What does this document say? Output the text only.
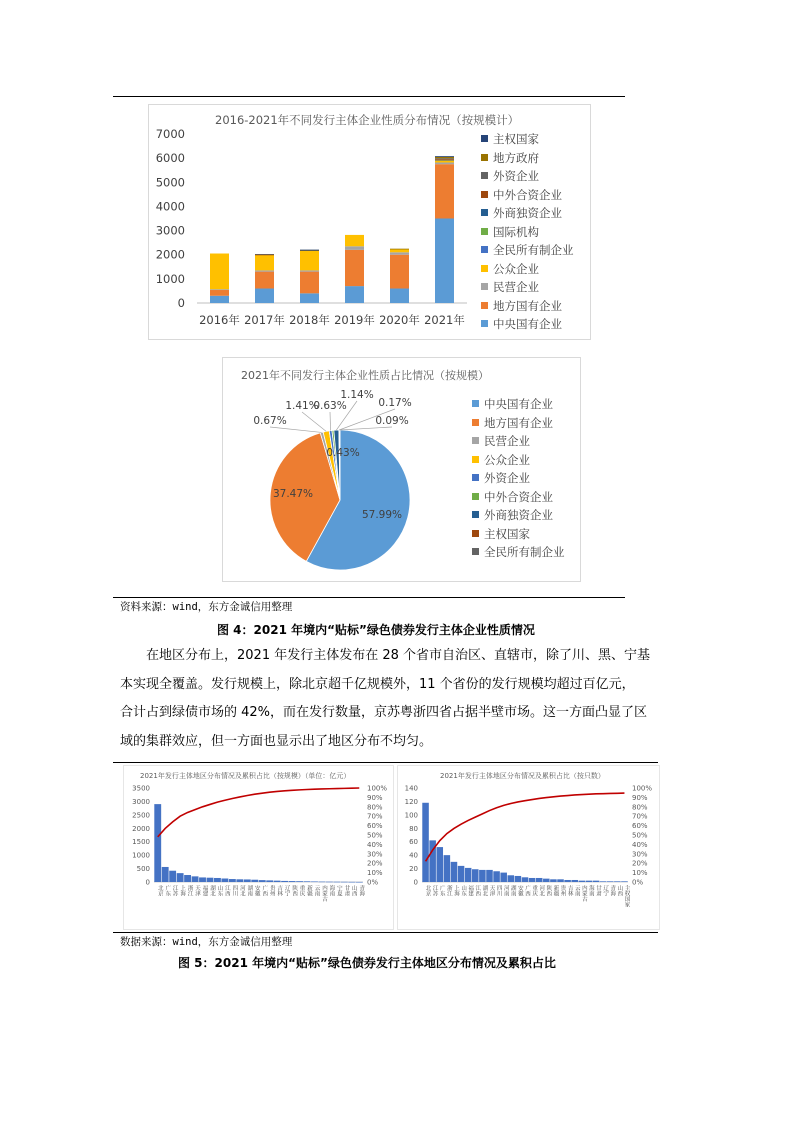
2016-2021年不同发行主体企业性质分布情况（按规模计）
0
1000
2000
3000
4000
5000
6000
7000
2016年 2017年 2018年 2019年 2020年 2021年
主权国家
地方政府
外资企业
中外合资企业
外商独资企业
国际机构
全民所有制企业
公众企业
民营企业
地方国有企业
中央国有企业
2021年不同发行主体企业性质占比情况（按规模）
57.99%
37.47%
0.67%
1.41%
0.63%
0.43%
1.14%
0.17%
0.09%
中央国有企业
地方国有企业
民营企业
公众企业
外资企业
中外合资企业
外商独资企业
主权国家
全民所有制企业
资料来源：wind，东方金诚信用整理
图 4：2021 年境内“贴标”绿色债券发行主体企业性质情况
在地区分布上，2021 年发行主体发布在 28 个省市自治区、直辖市，除了川、黑、宁基
本实现全覆盖。发行规模上，除北京超千亿规模外，11 个省份的发行规模均超过百亿元，
合计占到绿债市场的 42%，而在发行数量，京苏粤浙四省占据半壁市场。这一方面凸显了区
域的集群效应，但一方面也显示出了地区分布不均匀。
2021年发行主体地区分布情况及累积占比（按规模）（单位：亿元）
0
500
1000
1500
2000
2500
3000
3500
0%
10%
20%
30%
40%
50%
60%
70%
80%
90%
100%
北京 广东 江苏 上海 浙江 天津 福建 湖北 山东 江西 四川 河北 湖南 安徽 广西 贵州 吉林 辽宁 陕西 重庆 新疆 云南 内蒙古 海南 宁夏 甘肃 山西 青海
2021年发行主体地区分布情况及累积占比（按只数）
0
20
40
60
80
100
120
140
0%
10%
20%
30%
40%
50%
60%
70%
80%
90%
100%
北京 江苏 广东 浙江 上海 山东 福建 江西 湖北 天津 四川 河南 湖南 安徽 广西 重庆 河北 陕西 新疆 贵州 吉林 云南 内蒙古 海南 甘肃 辽宁 青海 山西 主权国家
数据来源：wind，东方金诚信用整理
图 5：2021 年境内“贴标”绿色债券发行主体地区分布情况及累积占比
